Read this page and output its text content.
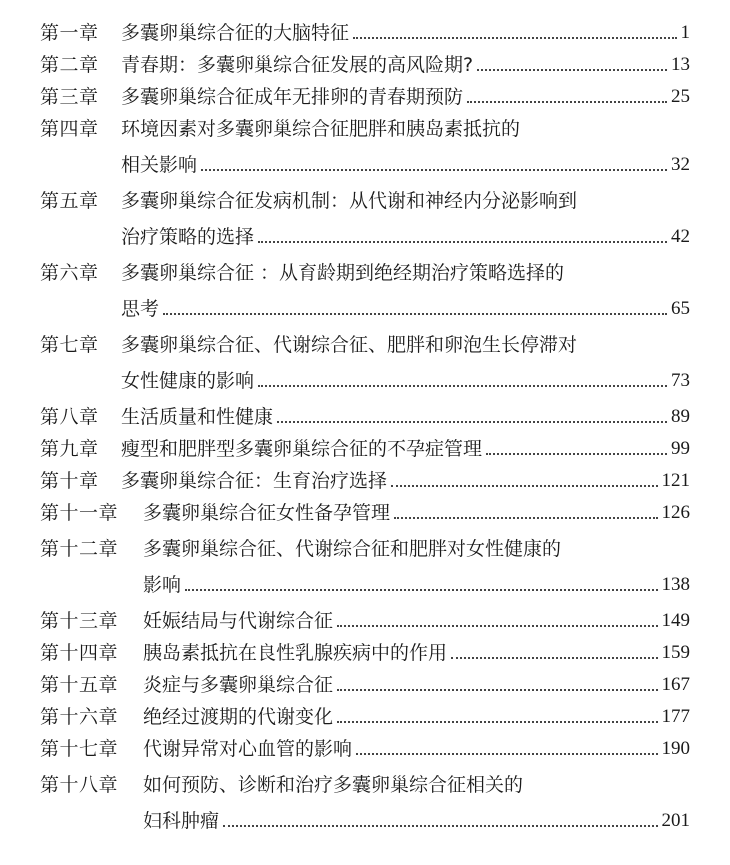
第一章 多囊卵巢综合征的大脑特征	1
第二章 青春期：多囊卵巢综合征发展的高风险期?	13
第三章 多囊卵巢综合征成年无排卵的青春期预防	25
第四章 环境因素对多囊卵巢综合征肥胖和胰岛素抵抗的
相关影响	32
第五章 多囊卵巢综合征发病机制：从代谢和神经内分泌影响到
治疗策略的选择	42
第六章 多囊卵巢综合征 ：从育龄期到绝经期治疗策略选择的
思考	65
第七章 多囊卵巢综合征、代谢综合征、肥胖和卵泡生长停滞对
女性健康的影响	73
第八章 生活质量和性健康	89
第九章 瘦型和肥胖型多囊卵巢综合征的不孕症管理	99
第十章 多囊卵巢综合征：生育治疗选择	121
第十一章 多囊卵巢综合征女性备孕管理	126
第十二章 多囊卵巢综合征、代谢综合征和肥胖对女性健康的
影响	138
第十三章 妊娠结局与代谢综合征	149
第十四章 胰岛素抵抗在良性乳腺疾病中的作用	159
第十五章 炎症与多囊卵巢综合征	167
第十六章 绝经过渡期的代谢变化	177
第十七章 代谢异常对心血管的影响	190
第十八章 如何预防、诊断和治疗多囊卵巢综合征相关的
妇科肿瘤	201
